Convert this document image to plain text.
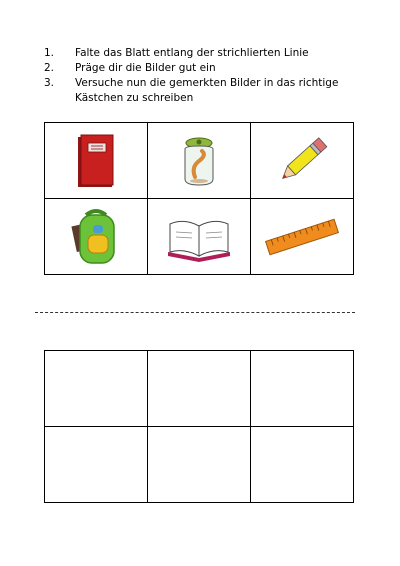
1. Falte das Blatt entlang der strichlierten Linie
2. Präge dir die Bilder gut ein
3. Versuche nun die gemerkten Bilder in das richtige Kästchen zu schreiben
